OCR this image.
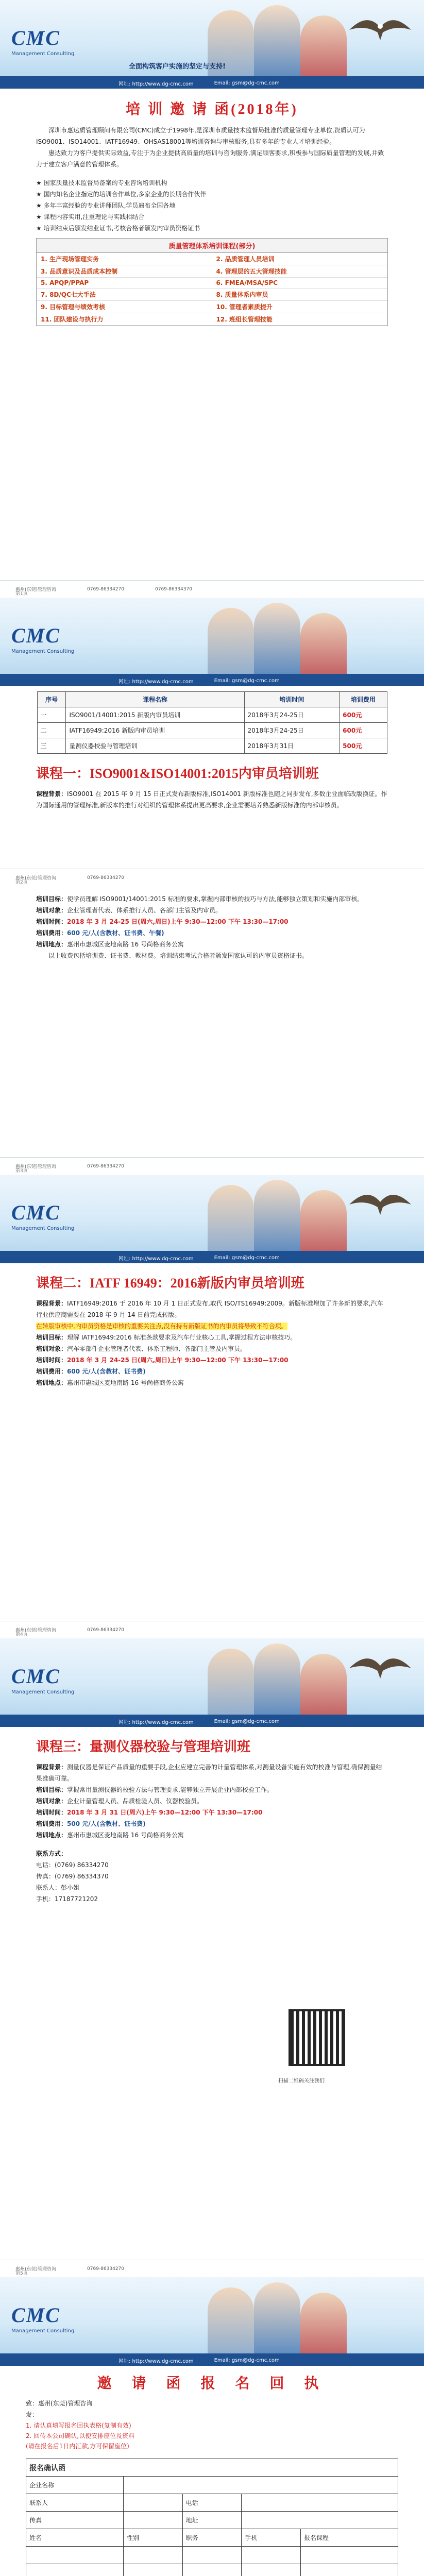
CMC
Management Consulting
全面构筑客户实施的坚定与支持!
网址: http://www.dg-cmc.com	Email: gsm@dg-cmc.com
培 训 邀 请 函(2018年)

深圳市惠达质管理顾问有限公司(CMC)成立于1998年,是深圳市质量技术监督局批准的质量管理专业单位,资质认可为ISO9001、ISO14001、IATF16949、OHSAS18001等培训咨询与审核服务,具有多年的专业人才培训经验。

惠达致力为客户提供实际效益,专注于为企业提供高质量的培训与咨询服务,满足顾客要求,积极参与国际质量管理的发展,并致力于建立客户满意的管理体系。

★ 国家质量技术监督局备案的专业咨询培训机构
★ 国内知名企业指定的培训合作单位,多家企业的长期合作伙伴
★ 多年丰富经验的专业讲师团队,学员遍布全国各地
★ 课程内容实用,注重理论与实践相结合
★ 培训结束后颁发结业证书,考核合格者颁发内审员资格证书
质量管理体系培训课程(部分)
1. 生产现场管理实务	2. 品质管理人员培训
3. 品质意识及品质成本控制	4. 管理层的五大管理技能
5. APQP/PPAP	6. FMEA/MSA/SPC
7. 8D/QC七大手法	8. 质量体系内审员
9. 目标管理与绩效考核	10. 管理者素质提升
11. 团队建设与执行力	12. 班组长管理技能
惠州(东莞)管理咨询	0769-86334270	0769-86334370
第1页
CMC
Management Consulting
网址: http://www.dg-cmc.com	Email: gsm@dg-cmc.com
序号	课程名称	培训时间	培训费用
一	ISO9001/14001:2015 新版内审员培训	2018年3月24-25日	600元
二	IATF16949:2016 新版内审员培训	2018年3月24-25日	600元
三	量测仪器校验与管理培训	2018年3月31日	500元
课程一：ISO9001&ISO14001:2015内审员培训班

课程背景：ISO9001 在 2015 年 9 月 15 日正式发布新版标准,ISO14001 新版标准也随之同步发布,多数企业面临改版换证。作为国际通用的管理标准,新版本的推行对组织的管理体系提出更高要求,企业需要培养熟悉新版标准的内部审核员。

惠州(东莞)管理咨询	0769-86334270
第2页

培训目标：使学员理解 ISO9001/14001:2015 标准的要求,掌握内部审核的技巧与方法,能够独立策划和实施内部审核。

培训对象：企业管理者代表、体系推行人员、各部门主管及内审员。

培训时间：2018 年 3 月 24-25 日(周六,周日)上午 9:30—12:00 下午 13:30—17:00

培训费用：600 元/人(含教材、证书费、午餐)

培训地点：惠州市惠城区麦地南路 16 号尚格商务公寓

以上收费包括培训费、证书费、教材费。培训结束考试合格者颁发国家认可的内审员资格证书。

惠州(东莞)管理咨询	0769-86334270
第3页
CMC
Management Consulting
网址: http://www.dg-cmc.com	Email: gsm@dg-cmc.com
课程二：IATF 16949：2016新版内审员培训班

课程背景：IATF16949:2016 于 2016 年 10 月 1 日正式发布,取代 ISO/TS16949:2009。新版标准增加了许多新的要求,汽车行业供应商需要在 2018 年 9 月 14 日前完成转版。

在转版审核中,内审员资格是审核的重要关注点,没有持有新版证书的内审员将导致不符合项。

培训目标：理解 IATF16949:2016 标准条款要求及汽车行业核心工具,掌握过程方法审核技巧。

培训对象：汽车零部件企业管理者代表、体系工程师、各部门主管及内审员。

培训时间：2018 年 3 月 24-25 日(周六,周日)上午 9:30—12:00 下午 13:30—17:00

培训费用：600 元/人(含教材、证书费)

培训地点：惠州市惠城区麦地南路 16 号尚格商务公寓

惠州(东莞)管理咨询	0769-86334270
第4页
CMC
Management Consulting
网址: http://www.dg-cmc.com	Email: gsm@dg-cmc.com
课程三：量测仪器校验与管理培训班

课程背景：测量仪器是保证产品质量的重要手段,企业应建立完善的计量管理体系,对测量设备实施有效的校准与管理,确保测量结果准确可靠。

培训目标：掌握常用量测仪器的校验方法与管理要求,能够独立开展企业内部校验工作。

培训对象：企业计量管理人员、品质检验人员、仪器校验员。

培训时间：2018 年 3 月 31 日(周六)上午 9:30—12:00 下午 13:30—17:00

培训费用：500 元/人(含教材、证书费)

培训地点：惠州市惠城区麦地南路 16 号尚格商务公寓

联系方式：

电话：(0769) 86334270

传真：(0769) 86334370

联系人：彭小姐

手机：17187721202

扫描二维码关注我们
惠州(东莞)管理咨询	0769-86334270
第5页
CMC
Management Consulting
网址: http://www.dg-cmc.com	Email: gsm@dg-cmc.com
邀 请 函 报 名 回 执

致：惠州(东莞)管理咨询

发：

1. 请认真填写报名回执表格(复制有效)

2. 回传本公司确认,以便安排座位及资料

(请在报名后1日内汇款,方可保留座位)

报名确认函				
企业名称				
联系人		电话		
传真		地址		
姓名	性别	职务	手机	报名课程
